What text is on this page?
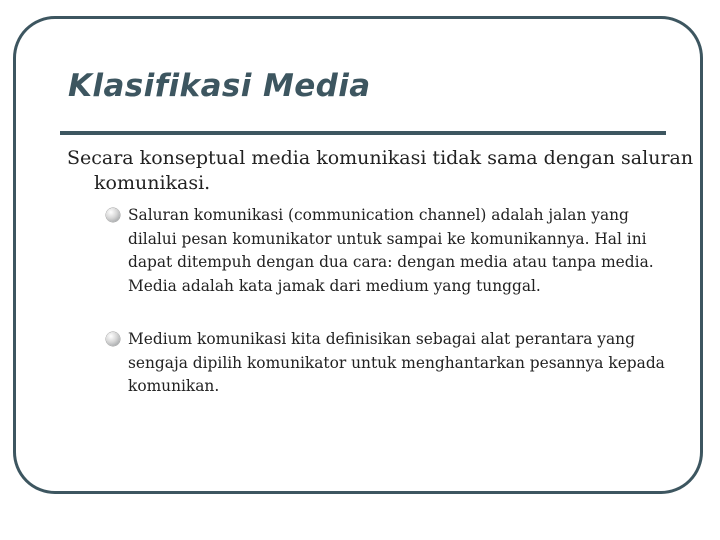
Klasifikasi Media

Secara konseptual media komunikasi tidak sama dengan saluran komunikasi.

Saluran komunikasi (communication channel) adalah jalan yang dilalui pesan komunikator untuk sampai ke komunikannya. Hal ini dapat ditempuh dengan dua cara: dengan media atau tanpa media. Media adalah kata jamak dari medium yang tunggal.
Medium komunikasi kita definisikan sebagai alat perantara yang sengaja dipilih komunikator untuk menghantarkan pesannya kepada komunikan.
